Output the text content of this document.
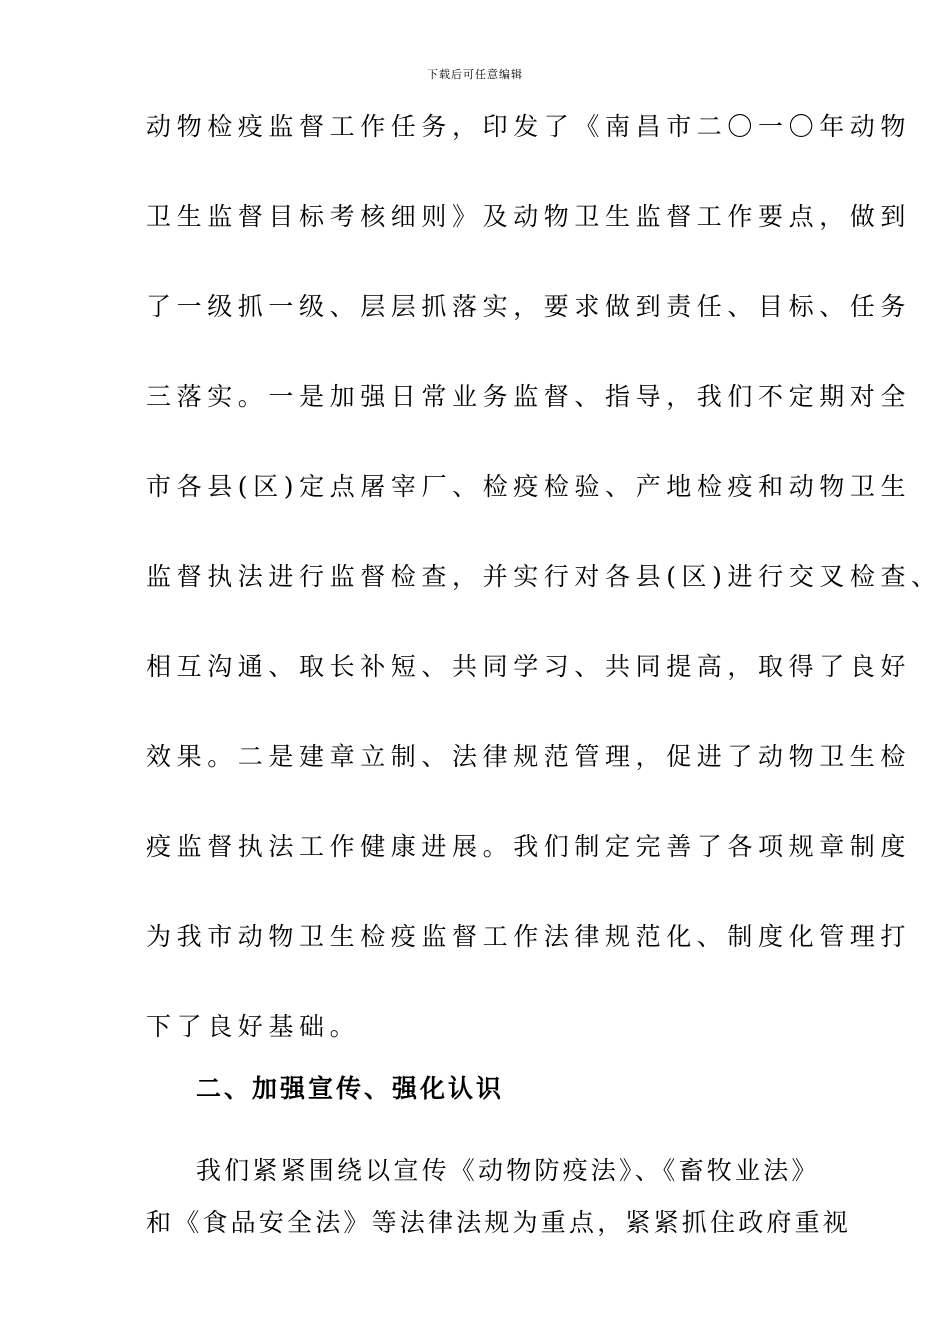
下载后可任意编辑
动物检疫监督工作任务，印发了《南昌市二〇一〇年动物
卫生监督目标考核细则》及动物卫生监督工作要点，做到
了一级抓一级、层层抓落实，要求做到责任、目标、任务
三落实。一是加强日常业务监督、指导，我们不定期对全
市各县(区)定点屠宰厂、检疫检验、产地检疫和动物卫生
监督执法进行监督检查，并实行对各县(区)进行交叉检查、
相互沟通、取长补短、共同学习、共同提高，取得了良好
效果。二是建章立制、法律规范管理，促进了动物卫生检
疫监督执法工作健康进展。我们制定完善了各项规章制度
为我市动物卫生检疫监督工作法律规范化、制度化管理打
下了良好基础。
二、加强宣传、强化认识
我们紧紧围绕以宣传《动物防疫法》、《畜牧业法》
和《食品安全法》等法律法规为重点，紧紧抓住政府重视
